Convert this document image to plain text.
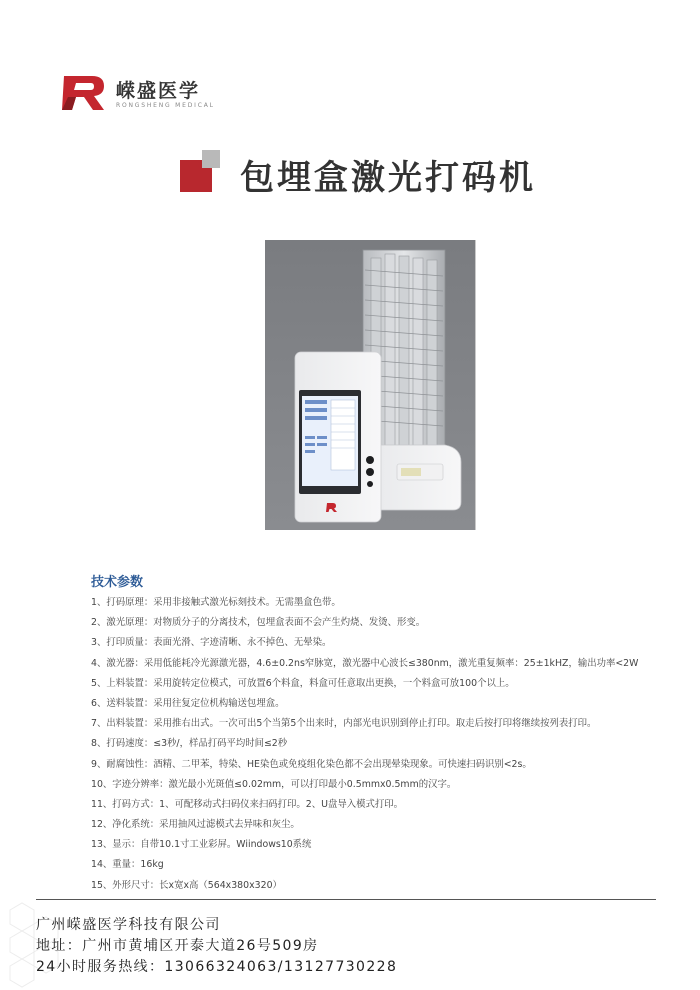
嵘盛医学
RONGSHENG MEDICAL
包埋盒激光打码机
技术参数
1、打码原理：采用非接触式激光标刻技术。无需墨盒色带。
2、激光原理：对物质分子的分离技术，包埋盒表面不会产生灼烧、发烫、形变。
3、打印质量：表面光滑、字迹清晰、永不掉色、无晕染。
4、激光器：采用低能耗冷光源激光器，4.6±0.2ns窄脉宽，激光器中心波长≤380nm，激光重复频率：25±1kHZ，输出功率<2W
5、上料装置：采用旋转定位模式，可放置6个料盒，料盒可任意取出更换，一个料盒可放100个以上。
6、送料装置：采用往复定位机构输送包埋盒。
7、出料装置：采用推右出式。一次可出5个当第5个出来时，内部光电识别到停止打印。取走后按打印将继续按列表打印。
8、打码速度：≤3秒/，样品打码平均时间≤2秒
9、耐腐蚀性：酒精、二甲苯，特染、HE染色或免疫组化染色都不会出现晕染现象。可快速扫码识别<2s。
10、字迹分辨率：激光最小光斑值≤0.02mm，可以打印最小0.5mmx0.5mm的汉字。
11、打码方式：1、可配移动式扫码仪来扫码打印。2、U盘导入模式打印。
12、净化系统：采用抽风过滤模式去异味和灰尘。
13、显示：自带10.1寸工业彩屏。Wiindows10系统
14、重量：16kg
15、外形尺寸：长x宽x高（564x380x320）
广州嵘盛医学科技有限公司
地址：广州市黄埔区开泰大道26号509房
24小时服务热线：13066324063/13127730228
